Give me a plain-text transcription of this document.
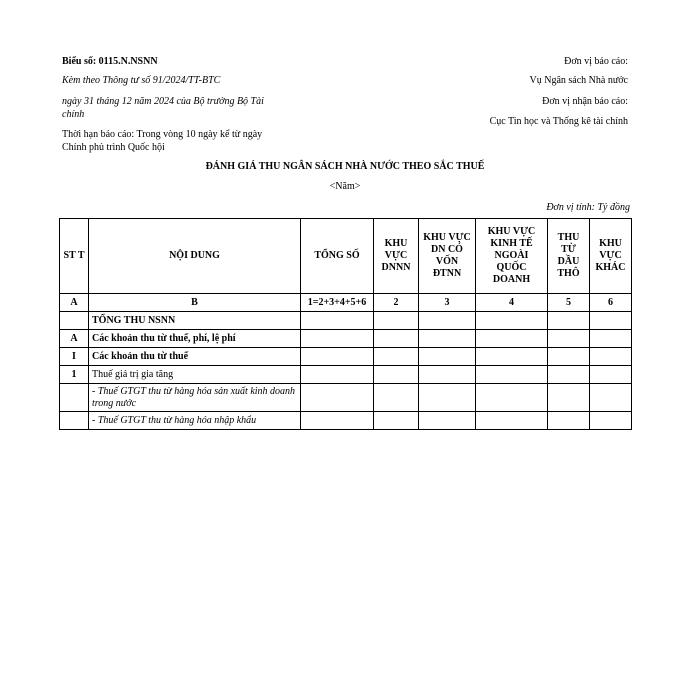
Biểu số: 0115.N.NSNN
Kèm theo Thông tư số 91/2024/TT-BTC
ngày 31 tháng 12 năm 2024 của Bộ trưởng Bộ Tài
chính
Thời hạn báo cáo: Trong vòng 10 ngày kể từ ngày
Chính phủ trình Quốc hội
Đơn vị báo cáo:
Vụ Ngân sách Nhà nước
Đơn vị nhận báo cáo:
Cục Tin học và Thống kê tài chính
ĐÁNH GIÁ THU NGÂN SÁCH NHÀ NƯỚC THEO SẮC THUẾ
<Năm>
Đơn vị tính: Tỷ đồng
ST T	NỘI DUNG	TỔNG SỐ	KHU VỰC DNNN	KHU VỰC DN CÓ VỐN ĐTNN	KHU VỰC KINH TẾ NGOÀI QUỐC DOANH	THU TỪ DẦU THÔ	KHU VỰC KHÁC
A	B	1=2+3+4+5+6	2	3	4	5	6
	TỔNG THU NSNN						
A	Các khoản thu từ thuế, phí, lệ phí						
I	Các khoản thu từ thuế						
1	Thuế giá trị gia tăng						
	- Thuế GTGT thu từ hàng hóa sản xuất kinh doanh trong nước						
	- Thuế GTGT thu từ hàng hóa nhập khẩu						
